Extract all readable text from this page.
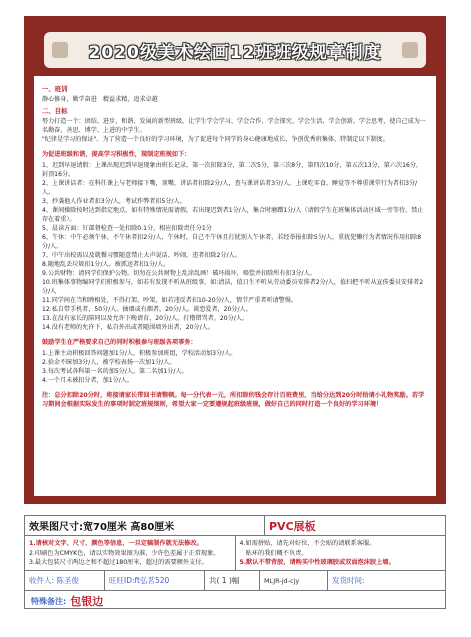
2020级美术绘画12班班级规章制度
一、班训

静心修身，勤学奋进　精益求精，追求卓越

二、目标

努力打造一个：团结、进步、和谐、发展的新型班级，让学生学会学习、学会合作、学会探究、学会生活、学会创新、学会思考，使自己成为一名勤奋、善思、博学、上进的中学生。

"纪律是学习的保证"。为了营造一个良好的学习环境，为了促进每个同学的身心健康地成长，争创优秀班集体，特制定以下制度。

为促进班级和谐，提高学习积极性，现制定班规如下：

1、迟到早退请假：上课出现迟到早退现象由班长记录，第一次扣除3分，第二次5分，第三次8分，第四次10分，第五次13分，第六次16分，封顶16分。

2、上课讲话者：在科任课上与老师接下嘴，顶嘴，讲话者扣除2分/人，查与课讲话者3分/人。上课吃零食、睡觉等不尊重课堂行为者扣3分/人。

3、抄袭他人作业者扣3分/人，考试作弊者扣5分/人。

4、课间操除按时达到指定地点，如有特殊情况需请假，若出现迟到者1分/人，集合时磨蹭1分/人（请假学生在班集体活动区域一旁等待，禁止存在着重）。

5、晨读方面：钉部督检查一处扣除0.1分，相应扣除责任分1分

6、午休：中午必须午休，不午休者扣2分/人，午休时，自己不午休且打扰别人午休者，若经举报扣除5分/人，重扰犯懒行为者情况作用扣除8分/人。

7、中午出校需以及就餐习惯随意禁止大声说话、吵闹，违者扣除2分/人。

8.随地乱丢垃圾扣1分/人。被抓送者扣1分/人。

9.公共财物：请同学们保护公物，切勿在公共财物上乱涂乱画！破坏损坏，赔偿并扣除所有扣3分/人。

10.班集体事物编同学们积极参与，如若有发现不听从班级事，如:清洁，值日生不听从劳动委员安排者2分/人，值扫把不听从宣传委员安排者2分/人

11.同学间在当和睦相处，不得打架、吵架，如若违反者扣10-20分/人，情节严重者听请警惕。

12.私自带手机者，50分/人。抽烟或有烟者，20分/人。谈恋爱者，20分/人。

13.在没有家长的陪同以及允许下晚请育，20分/人。打撸错骂者，20分/人。

14.没有老师的允许下，私自外出或者随围墙外出者，20分/人。

鼓励学生在严格要求自己的同时积极参与班级各项事务：

1.上课主动积极回答问题加1分/人，积极参加班组，学校活动加3分/人。

2.拾金不昧加3分/人，被学校表扬一次加1分/人。

3.每次考试各科第一名的加5分/人，第二名加1分/人。

4.一个月未被扣分者，加1分/人。

注：总分扣除20分时，将接请家长带回书请整顿。每一分代表一元，所扣除的钱会存计百班费里，当给分达到20分时拾请小礼物奖励。若学习期间会根据实际发生的事项时制定班规细则，希望大家一定要遵规起班级班规，做好自己的同时打造一个良好的学习环境！

效果图尺寸:宽70厘米 高80厘米	PVC展板
1.请核对文字、尺寸、颜色等信息，一旦定稿制作就无法修改。
2.印刷色为CMYK色，请以实物效果图为准，少许色差属于正常现象。
3.最大包装尺寸两边之和不超过180厘米，超过的需要额外支付。
4.如需拼贴，请先对好位，不会贴的请联系客服。
　贴环的我们概不负责。
5.默认不带背胶，请购买中性玻璃胶或双面泡沫胶上墙。
收件人: 陈圣俊	旺旺ID:ft弘茗520	共( 1 )幅	MLJR-jd-cjy	发货时间:
特殊备注: 包银边
